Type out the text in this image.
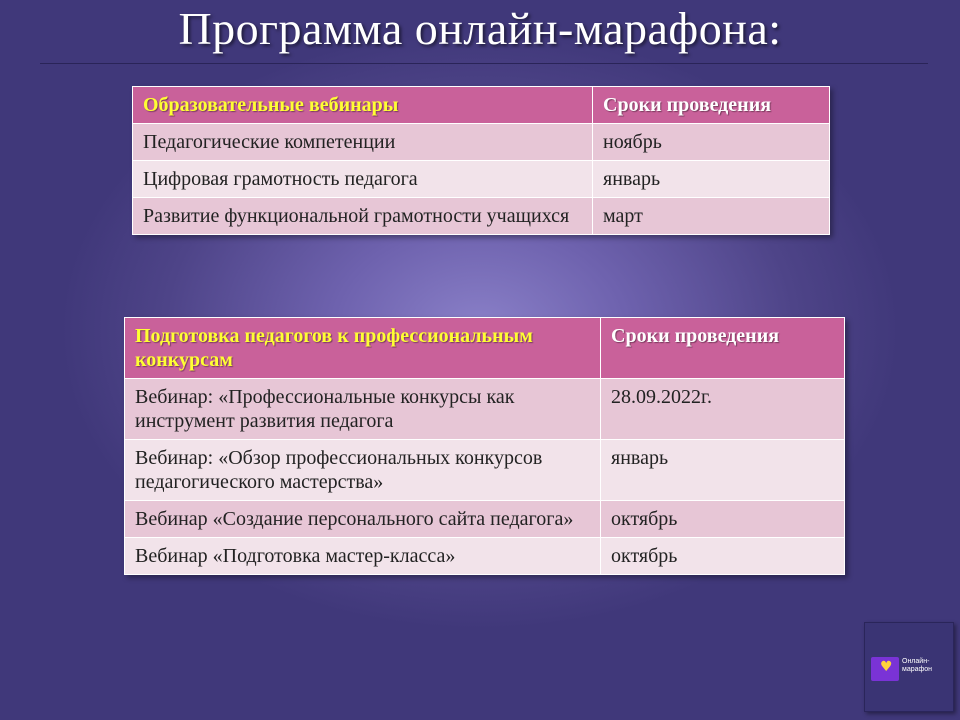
Программа онлайн-марафона:
Образовательные вебинары	Сроки проведения
Педагогические компетенции	ноябрь
Цифровая грамотность педагога	январь
Развитие функциональной грамотности учащихся	март
Подготовка педагогов к профессиональным конкурсам	Сроки проведения
Вебинар: «Профессиональные конкурсы как инструмент развития педагога	28.09.2022г.
Вебинар: «Обзор профессиональных конкурсов педагогического мастерства»	январь
Вебинар «Создание персонального сайта педагога»	октябрь
Вебинар «Подготовка мастер-класса»	октябрь
♥ Онлайн-марафон
